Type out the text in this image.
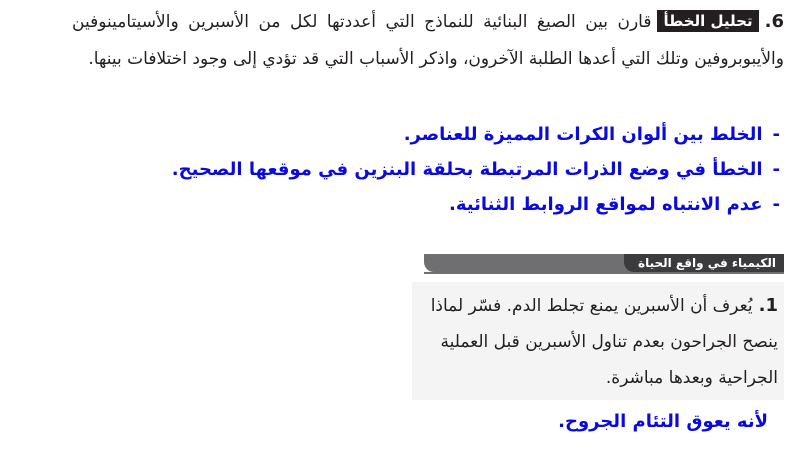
6.تحليل الخطأقارن بين الصيغ البنائية للنماذج التي أعددتها لكل من الأسبرين والأسيتامينوفين والأيبوبروفين وتلك التي أعدها الطلبة الآخرون، واذكر الأسباب التي قد تؤدي إلى وجود اختلافات بينها.
-الخلط بين ألوان الكرات المميزة للعناصر.
-الخطأ في وضع الذرات المرتبطة بحلقة البنزين في موقعها الصحيح.
-عدم الانتباه لمواقع الروابط الثنائية.
الكيمياء في واقع الحياة
1.يُعرف أن الأسبرين يمنع تجلط الدم. فسّر لماذا ينصح الجراحون بعدم تناول الأسبرين قبل العملية الجراحية وبعدها مباشرة.
لأنه يعوق التئام الجروح.
